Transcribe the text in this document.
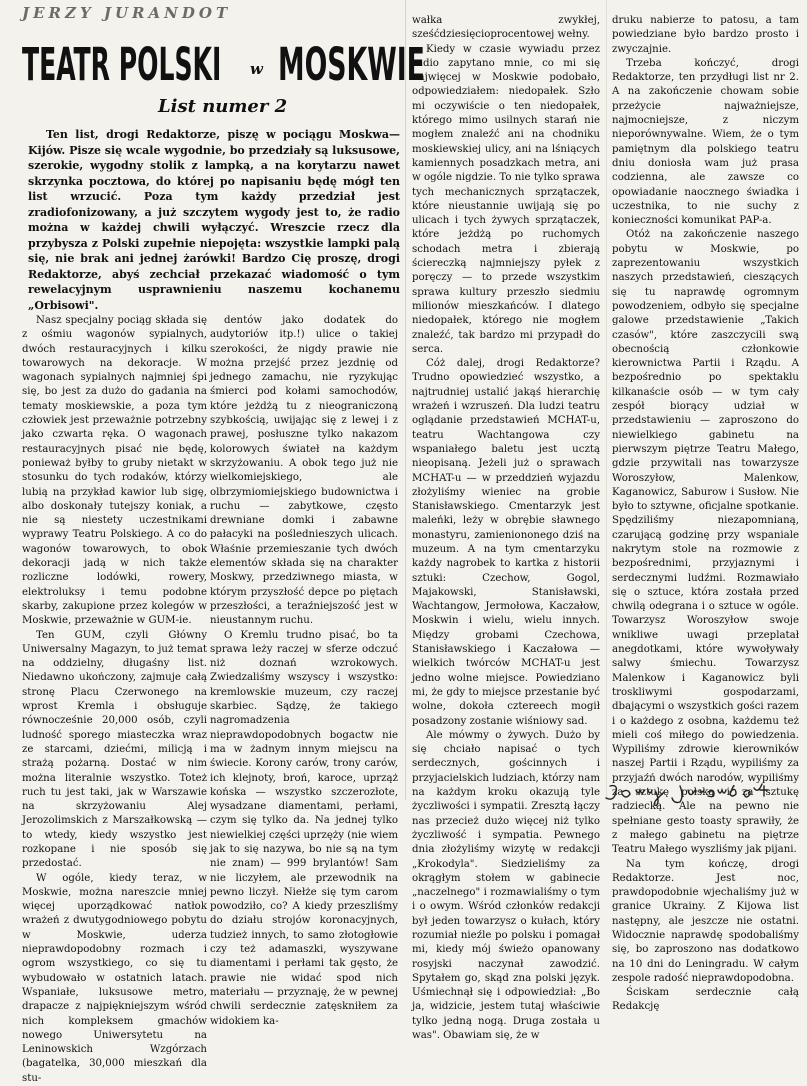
JERZY JURANDOT
TEATR POLSKI w MOSKWIE
List numer 2
Ten list, drogi Redaktorze, piszę w pociągu Moskwa—Kijów. Pisze się wcale wygodnie, bo przedziały są luksusowe, szerokie, wygodny stolik z lampką, a na korytarzu nawet skrzynka pocztowa, do której po napisaniu będę mógł ten list wrzucić. Poza tym każdy przedział jest zradiofonizowany, a już szczytem wygody jest to, że radio można w każdej chwili wyłączyć. Wreszcie rzecz dla przybysza z Polski zupełnie niepojęta: wszystkie lampki palą się, nie brak ani jednej żarówki! Bardzo Cię proszę, drogi Redaktorze, abyś zechciał przekazać wiadomość o tym rewelacyjnym usprawnieniu naszemu kochanemu „Orbisowi".

Nasz specjalny pociąg składa się z ośmiu wagonów sypialnych, dwóch restauracyjnych i kilku towarowych na dekoracje. W wagonach sypialnych najmniej śpi się, bo jest za dużo do gadania na tematy moskiewskie, a poza tym człowiek jest przeważnie potrzebny jako czwarta ręka. O wagonach restauracyjnych pisać nie będę, ponieważ byłby to gruby nietakt w stosunku do tych rodaków, którzy lubią na przykład kawior lub sigę, albo doskonały tutejszy koniak, a nie są niestety uczestnikami wyprawy Teatru Polskiego. A co do wagonów towarowych, to obok dekoracji jadą w nich także rozliczne lodówki, rowery, elektroluksy i temu podobne skarby, zakupione przez kolegów w Moskwie, przeważnie w GUM-ie.

Ten GUM, czyli Główny Uniwersalny Magazyn, to już temat na oddzielny, długaśny list. Niedawno ukończony, zajmuje całą stronę Placu Czerwonego na wprost Kremla i obsługuje równocześnie 20,000 osób, czyli ludność sporego miasteczka wraz ze starcami, dziećmi, milicją i strażą pożarną. Dostać w nim można literalnie wszystko. Toteż ruch tu jest taki, jak w Warszawie na skrzyżowaniu Alej Jerozolimskich z Marszałkowską — to wtedy, kiedy wszystko jest rozkopane i nie sposób się przedostać.

W ogóle, kiedy teraz, w Moskwie, można nareszcie mniej więcej uporządkować natłok wrażeń z dwutygodniowego pobytu w Moskwie, uderza nieprawdopodobny rozmach i ogrom wszystkiego, co się tu wybudowało w ostatnich latach. Wspaniałe, luksusowe metro, drapacze z najpiękniejszym wśród nich kompleksem gmachów nowego Uniwersytetu na Leninowskich Wzgórzach (bagatelka, 30,000 mieszkań dla stu-

dentów jako dodatek do audytoriów itp.!) ulice o takiej szerokości, że nigdy prawie nie można przejść przez jezdnię od jednego zamachu, nie ryzykując śmierci pod kołami samochodów, które jeżdżą tu z nieograniczoną szybkością, uwijając się z lewej i z prawej, posłuszne tylko nakazom kolorowych świateł na każdym skrzyżowaniu. A obok tego już nie wielkomiejskiego, ale olbrzymiomiejskiego budownictwa i ruchu — zabytkowe, często drewniane domki i zabawne pałacyki na poślednieszych ulicach. Właśnie przemieszanie tych dwóch elementów składa się na charakter Moskwy, przedziwnego miasta, w którym przyszłość depce po piętach przeszłości, a teraźniejszość jest w nieustannym ruchu.

O Kremlu trudno pisać, bo ta sprawa leży raczej w sferze odczuć niż doznań wzrokowych. Zwiedzaliśmy wszyscy i wszystko: kremlowskie muzeum, czy raczej skarbiec. Sądzę, że takiego nagromadzenia nieprawdopodobnych bogactw nie ma w żadnym innym miejscu na świecie. Korony carów, trony carów, ich klejnoty, broń, karoce, uprząż końska — wszystko szczerozłote, wysadzane diamentami, perłami, czym się tylko da. Na jednej tylko niewielkiej części uprzęży (nie wiem jak to się nazywa, bo nie są na tym nie znam) — 999 brylantów! Sam nie liczyłem, ale przewodnik na pewno liczył. Niełże się tym carom powodziło, co? A kiedy przeszliśmy do działu strojów koronacyjnych, tudzież innych, to samo złotogłowie czy też adamaszki, wyszywane diamentami i perłami tak gęsto, że prawie nie widać spod nich materiału — przyznaję, że w pewnej chwili serdecznie zatęskniłem za widokiem ka-

wałka zwykłej, sześćdziesięcioprocentowej wełny.

Kiedy w czasie wywiadu przez radio zapytano mnie, co mi się najwięcej w Moskwie podobało, odpowiedziałem: niedopałek. Szło mi oczywiście o ten niedopałek, którego mimo usilnych starań nie mogłem znaleźć ani na chodniku moskiewskiej ulicy, ani na lśniących kamiennych posadzkach metra, ani w ogóle nigdzie. To nie tylko sprawa tych mechanicznych sprzątaczek, które nieustannie uwijają się po ulicach i tych żywych sprzątaczek, które jeżdżą po ruchomych schodach metra i zbierają ściereczką najmniejszy pyłek z poręczy — to przede wszystkim sprawa kultury przeszło siedmiu milionów mieszkańców. I dlatego niedopałek, którego nie mogłem znaleźć, tak bardzo mi przypadł do serca.

Cóż dalej, drogi Redaktorze? Trudno opowiedzieć wszystko, a najtrudniej ustalić jakąś hierarchię wrażeń i wzruszeń. Dla ludzi teatru oglądanie przedstawień MCHAT-u, teatru Wachtangowa czy wspaniałego baletu jest ucztą nieopisaną. Jeżeli już o sprawach MCHAT-u — w przeddzień wyjazdu złożyliśmy wieniec na grobie Stanisławskiego. Cmentarzyk jest maleńki, leży w obrębie sławnego monastyru, zamieniononego dziś na muzeum. A na tym cmentarzyku każdy nagrobek to kartka z historii sztuki: Czechow, Gogol, Majakowski, Stanisławski, Wachtangow, Jermołowa, Kaczałow, Moskwin i wielu, wielu innych. Między grobami Czechowa, Stanisławskiego i Kaczałowa — wielkich twórców MCHAT-u jest jedno wolne miejsce. Powiedziano mi, że gdy to miejsce przestanie być wolne, dokoła cztereech mogił posadzony zostanie wiśniowy sad.

Ale mówmy o żywych. Dużo by się chciało napisać o tych serdecznych, gościnnych i przyjacielskich ludziach, którzy nam na każdym kroku okazują tyle życzliwości i sympatii. Zresztą łączy nas przecież dużo więcej niż tylko życzliwość i sympatia. Pewnego dnia złożyliśmy wizytę w redakcji „Krokodyla". Siedzieliśmy za okrągłym stołem w gabinecie „naczelnego" i rozmawialiśmy o tym i o owym. Wśród członków redakcji był jeden towarzysz o kułach, który rozumiał nieźle po polsku i pomagał mi, kiedy mój świeżo opanowany rosyjski naczynał zawodzić. Spytałem go, skąd zna polski język. Uśmiechnął się i odpowiedział: „Bo ja, widzicie, jestem tutaj właściwie tylko jedną nogą. Druga została u was". Obawiam się, że w

druku nabierze to patosu, a tam powiedziane było bardzo prosto i zwyczajnie.

Trzeba kończyć, drogi Redaktorze, ten przydługi list nr 2. A na zakończenie chowam sobie przeżycie najważniejsze, najmocniejsze, z niczym nieporównywalne. Wiem, że o tym pamiętnym dla polskiego teatru dniu doniosła wam już prasa codzienna, ale zawsze co opowiadanie naocznego świadka i uczestnika, to nie suchy z konieczności komunikat PAP-a.

Otóż na zakończenie naszego pobytu w Moskwie, po zaprezentowaniu wszystkich naszych przedstawień, cieszących się tu naprawdę ogromnym powodzeniem, odbyło się specjalne galowe przedstawienie „Takich czasów", które zaszczycili swą obecnością członkowie kierownictwa Partii i Rządu. A bezpośrednio po spektaklu kilkanaście osób — w tym cały zespół biorący udział w przedstawieniu — zaproszono do niewielkiego gabinetu na pierwszym piętrze Teatru Małego, gdzie przywitali nas towarzysze Woroszyłow, Malenkow, Kaganowicz, Saburow i Susłow. Nie było to sztywne, oficjalne spotkanie. Spędziliśmy niezapomnianą, czarującą godzinę przy wspaniale nakrytym stole na rozmowie z bezpośrednimi, przyjaznymi i serdecznymi ludźmi. Rozmawiało się o sztuce, która została przed chwilą odegrana i o sztuce w ogóle. Towarzysz Woroszyłow swoje wnikliwe uwagi przeplatał anegdotkami, które wywoływały salwy śmiechu. Towarzysz Malenkow i Kaganowicz byli troskliwymi gospodarzami, dbającymi o wszystkich gości razem i o każdego z osobna, każdemu też mieli coś miłego do powiedzenia. Wypiliśmy zdrowie kierowników naszej Partii i Rządu, wypiliśmy za przyjaźń dwóch narodów, wypiliśmy za sztukę polską i za sztukę radziecką. Ale na pewno nie spełniane gesto toasty sprawiły, że z małego gabinetu na piętrze Teatru Małego wyszliśmy jak pijani.

Na tym kończę, drogi Redaktorze. Jest noc, prawdopodobnie wjechaliśmy już w granice Ukrainy. Z Kijowa list następny, ale jeszcze nie ostatni. Widocznie naprawdę spodobaliśmy się, bo zaproszono nas dodatkowo na 10 dni do Leningradu. W całym zespole radość nieprawdopodobna.

Ściskam serdecznie całą Redakcję
